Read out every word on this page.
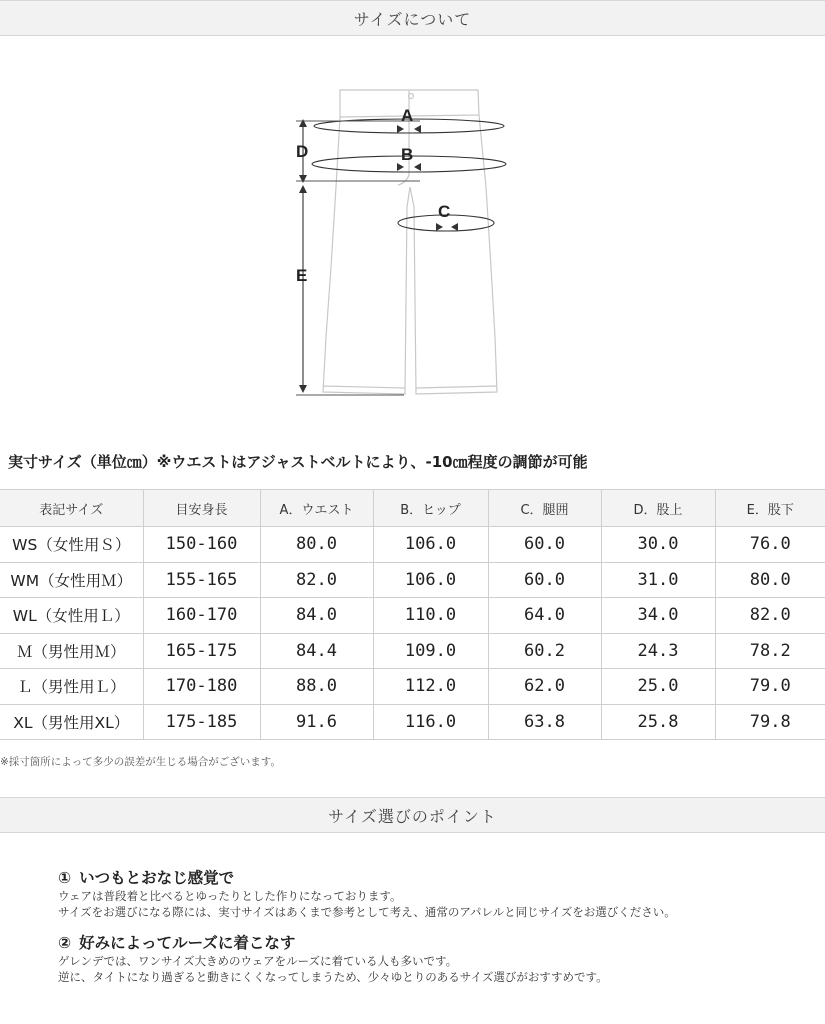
サイズについて
A
B
C
D
E
実寸サイズ（単位㎝）※ウエストはアジャストベルトにより、-10㎝程度の調節が可能
表記サイズ	目安身長	A．ウエスト	B．ヒップ	C．腿囲	D．股上	E．股下
WS（女性用Ｓ）	150-160	80.0	106.0	60.0	30.0	76.0
WM（女性用Ｍ）	155-165	82.0	106.0	60.0	31.0	80.0
WL（女性用Ｌ）	160-170	84.0	110.0	64.0	34.0	82.0
Ｍ（男性用Ｍ）	165-175	84.4	109.0	60.2	24.3	78.2
Ｌ（男性用Ｌ）	170-180	88.0	112.0	62.0	25.0	79.0
XL（男性用XL）	175-185	91.6	116.0	63.8	25.8	79.8
※採寸箇所によって多少の誤差が生じる場合がございます。
サイズ選びのポイント
① いつもとおなじ感覚で
ウェアは普段着と比べるとゆったりとした作りになっております。
サイズをお選びになる際には、実寸サイズはあくまで参考として考え、通常のアパレルと同じサイズをお選びください。
② 好みによってルーズに着こなす
ゲレンデでは、ワンサイズ大きめのウェアをルーズに着ている人も多いです。
逆に、タイトになり過ぎると動きにくくなってしまうため、少々ゆとりのあるサイズ選びがおすすめです。
